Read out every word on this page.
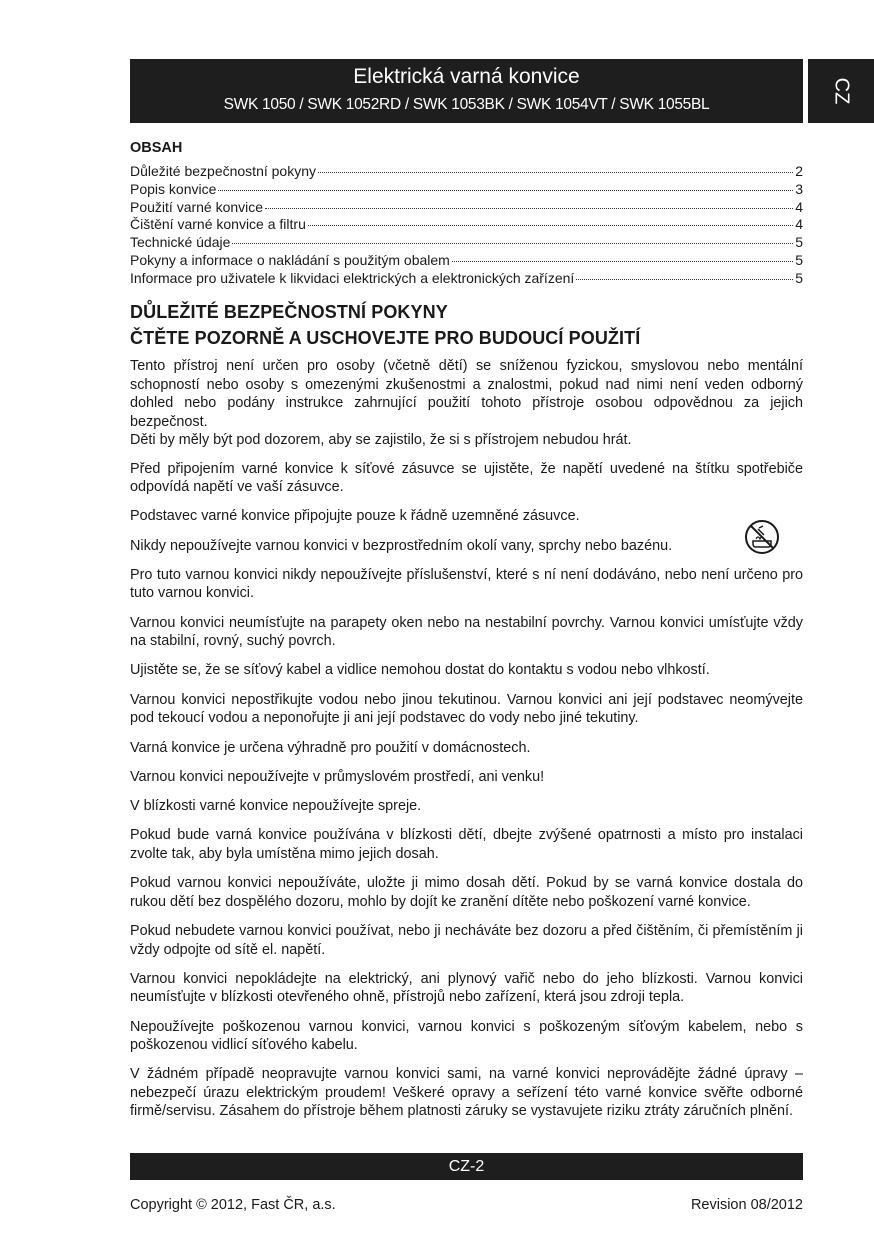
Elektrická varná konvice
SWK 1050 / SWK 1052RD / SWK 1053BK / SWK 1054VT / SWK 1055BL
CZ
OBSAH
Důležité bezpečnostní pokyny	2
Popis konvice	3
Použití varné konvice	4
Čištění varné konvice a filtru	4
Technické údaje	5
Pokyny a informace o nakládání s použitým obalem	5
Informace pro uživatele k likvidaci elektrických a elektronických zařízení	5
DŮLEŽITÉ BEZPEČNOSTNÍ POKYNY
ČTĚTE POZORNĚ A USCHOVEJTE PRO BUDOUCÍ POUŽITÍ

Tento přístroj není určen pro osoby (včetně dětí) se sníženou fyzickou, smyslovou nebo mentální schopností nebo osoby s omezenými zkušenostmi a znalostmi, pokud nad nimi není veden odborný dohled nebo podány instrukce zahrnující použití tohoto přístroje osobou odpovědnou za jejich bezpečnost.
Děti by měly být pod dozorem, aby se zajistilo, že si s přístrojem nebudou hrát.

Před připojením varné konvice k síťové zásuvce se ujistěte, že napětí uvedené na štítku spotřebiče odpovídá napětí ve vaší zásuvce.

Podstavec varné konvice připojujte pouze k řádně uzemněné zásuvce.

Nikdy nepoužívejte varnou konvici v bezprostředním okolí vany, sprchy nebo bazénu.

Pro tuto varnou konvici nikdy nepoužívejte příslušenství, které s ní není dodáváno, nebo není určeno pro tuto varnou konvici.

Varnou konvici neumísťujte na parapety oken nebo na nestabilní povrchy. Varnou konvici umísťujte vždy na stabilní, rovný, suchý povrch.

Ujistěte se, že se síťový kabel a vidlice nemohou dostat do kontaktu s vodou nebo vlhkostí.

Varnou konvici nepostřikujte vodou nebo jinou tekutinou. Varnou konvici ani její podstavec neomývejte pod tekoucí vodou a neponořujte ji ani její podstavec do vody nebo jiné tekutiny.

Varná konvice je určena výhradně pro použití v domácnostech.

Varnou konvici nepoužívejte v průmyslovém prostředí, ani venku!

V blízkosti varné konvice nepoužívejte spreje.

Pokud bude varná konvice používána v blízkosti dětí, dbejte zvýšené opatrnosti a místo pro instalaci zvolte tak, aby byla umístěna mimo jejich dosah.

Pokud varnou konvici nepoužíváte, uložte ji mimo dosah dětí. Pokud by se varná konvice dostala do rukou dětí bez dospělého dozoru, mohlo by dojít ke zranění dítěte nebo poškození varné konvice.

Pokud nebudete varnou konvici používat, nebo ji necháváte bez dozoru a před čištěním, či přemístěním ji vždy odpojte od sítě el. napětí.

Varnou konvici nepokládejte na elektrický, ani plynový vařič nebo do jeho blízkosti. Varnou konvici neumísťujte v blízkosti otevřeného ohně, přístrojů nebo zařízení, která jsou zdroji tepla.

Nepoužívejte poškozenou varnou konvici, varnou konvici s poškozeným síťovým kabelem, nebo s poškozenou vidlicí síťového kabelu.

V žádném případě neopravujte varnou konvici sami, na varné konvici neprovádějte žádné úpravy – nebezpečí úrazu elektrickým proudem! Veškeré opravy a seřízení této varné konvice svěřte odborné firmě/servisu. Zásahem do přístroje během platnosti záruky se vystavujete riziku ztráty záručních plnění.

CZ-2
Copyright © 2012, Fast ČR, a.s.	Revision 08/2012
